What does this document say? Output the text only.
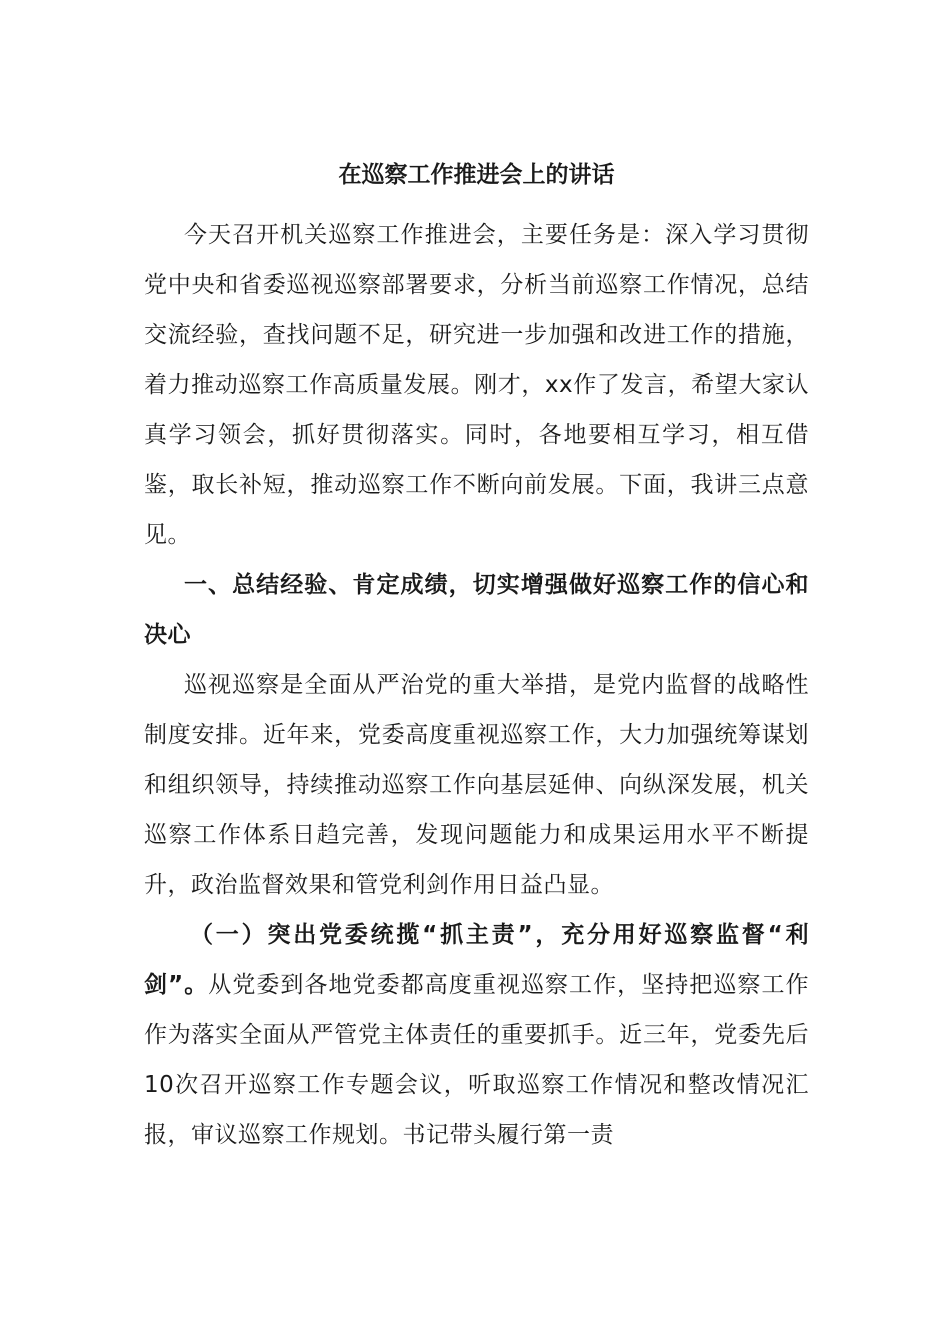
在巡察工作推进会上的讲话

今天召开机关巡察工作推进会，主要任务是：深入学习贯彻党中央和省委巡视巡察部署要求，分析当前巡察工作情况，总结交流经验，查找问题不足，研究进一步加强和改进工作的措施，着力推动巡察工作高质量发展。刚才，xx作了发言，希望大家认真学习领会，抓好贯彻落实。同时，各地要相互学习，相互借鉴，取长补短，推动巡察工作不断向前发展。下面，我讲三点意见。

一、总结经验、肯定成绩，切实增强做好巡察工作的信心和决心

巡视巡察是全面从严治党的重大举措，是党内监督的战略性制度安排。近年来，党委高度重视巡察工作，大力加强统筹谋划和组织领导，持续推动巡察工作向基层延伸、向纵深发展，机关巡察工作体系日趋完善，发现问题能力和成果运用水平不断提升，政治监督效果和管党利剑作用日益凸显。

（一）突出党委统揽“抓主责”，充分用好巡察监督“利剑”。从党委到各地党委都高度重视巡察工作，坚持把巡察工作作为落实全面从严管党主体责任的重要抓手。近三年，党委先后10次召开巡察工作专题会议，听取巡察工作情况和整改情况汇报，审议巡察工作规划。书记带头履行第一责
